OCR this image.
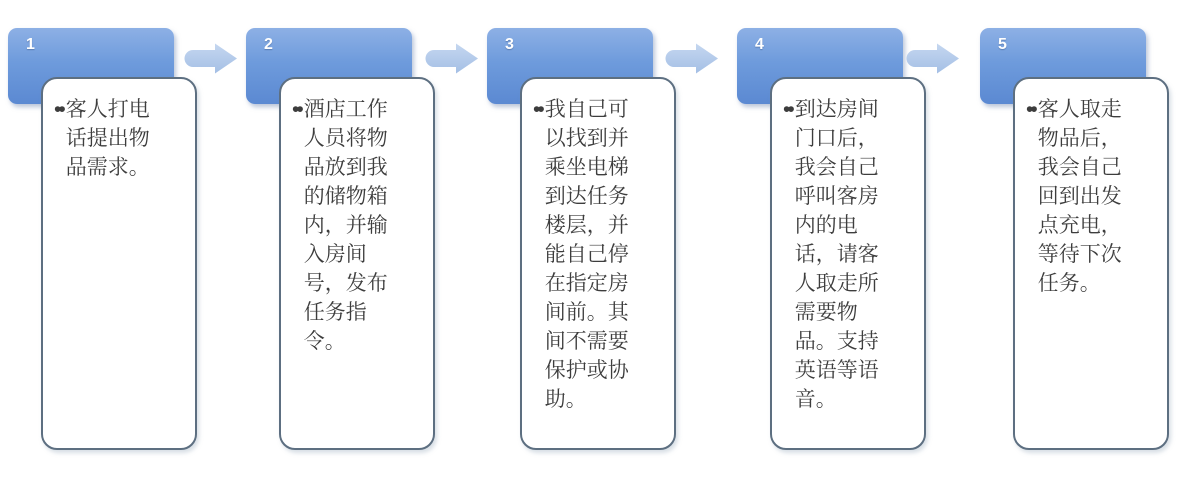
1
•• 客人打电话提出物品需求。
2
•• 酒店工作人员将物品放到我的储物箱内，并输入房间号，发布任务指令。
3
•• 我自己可以找到并乘坐电梯到达任务楼层，并能自己停在指定房间前。其间不需要保护或协助。
4
•• 到达房间门口后，我会自己呼叫客房内的电话，请客人取走所需要物品。支持英语等语音。
5
•• 客人取走物品后，我会自己回到出发点充电，等待下次任务。
